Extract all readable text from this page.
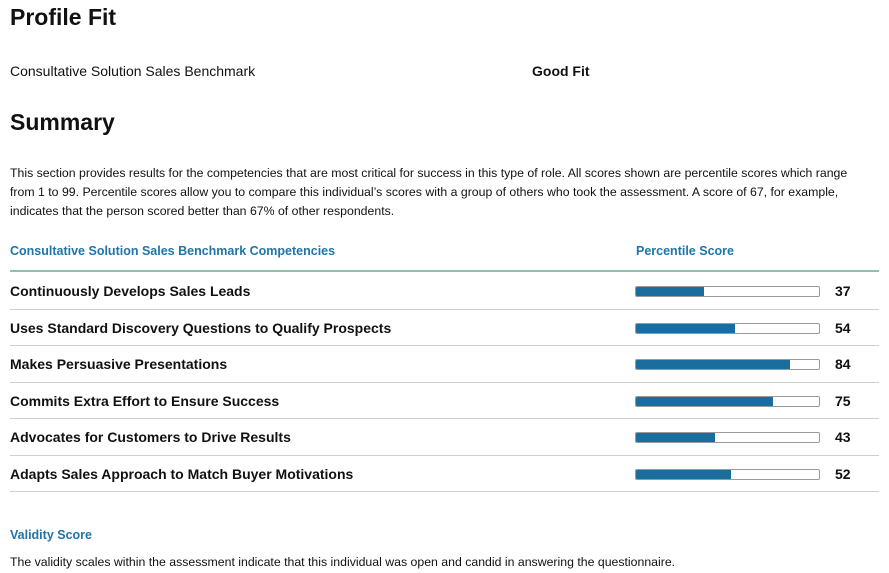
Profile Fit
Consultative Solution Sales Benchmark	Good Fit
Summary

This section provides results for the competencies that are most critical for success in this type of role. All scores shown are percentile scores which range from 1 to 99. Percentile scores allow you to compare this individual’s scores with a group of others who took the assessment. A score of 67, for example, indicates that the person scored better than 67% of other respondents.

Consultative Solution Sales Benchmark Competencies	Percentile Score
Continuously Develops Sales Leads	37
Uses Standard Discovery Questions to Qualify Prospects	54
Makes Persuasive Presentations	84
Commits Extra Effort to Ensure Success	75
Advocates for Customers to Drive Results	43
Adapts Sales Approach to Match Buyer Motivations	52
Validity Score
The validity scales within the assessment indicate that this individual was open and candid in answering the questionnaire.
